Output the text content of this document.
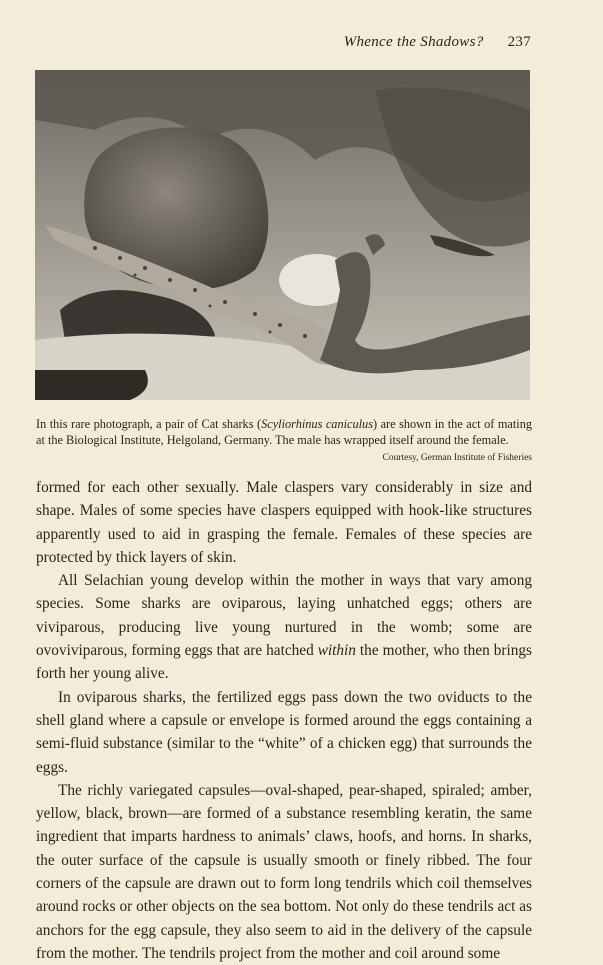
Whence the Shadows? 237
In this rare photograph, a pair of Cat sharks (Scyliorhinus caniculus) are shown in the act of mating at the Biological Institute, Helgoland, Germany. The male has wrapped itself around the female.
Courtesy, German Institute of Fisheries

formed for each other sexually. Male claspers vary considerably in size and shape. Males of some species have claspers equipped with hook-like structures apparently used to aid in grasping the female. Females of these species are protected by thick layers of skin.

All Selachian young develop within the mother in ways that vary among species. Some sharks are oviparous, laying unhatched eggs; others are viviparous, producing live young nurtured in the womb; some are ovoviviparous, forming eggs that are hatched within the mother, who then brings forth her young alive.

In oviparous sharks, the fertilized eggs pass down the two oviducts to the shell gland where a capsule or envelope is formed around the eggs containing a semi-fluid substance (similar to the “white” of a chicken egg) that surrounds the eggs.

The richly variegated capsules—oval-shaped, pear-shaped, spiraled; amber, yellow, black, brown—are formed of a substance resembling keratin, the same ingredient that imparts hardness to animals’ claws, hoofs, and horns. In sharks, the outer surface of the capsule is usually smooth or finely ribbed. The four corners of the capsule are drawn out to form long tendrils which coil themselves around rocks or other objects on the sea bottom. Not only do these tendrils act as anchors for the egg capsule, they also seem to aid in the delivery of the capsule from the mother. The tendrils project from the mother and coil around some
